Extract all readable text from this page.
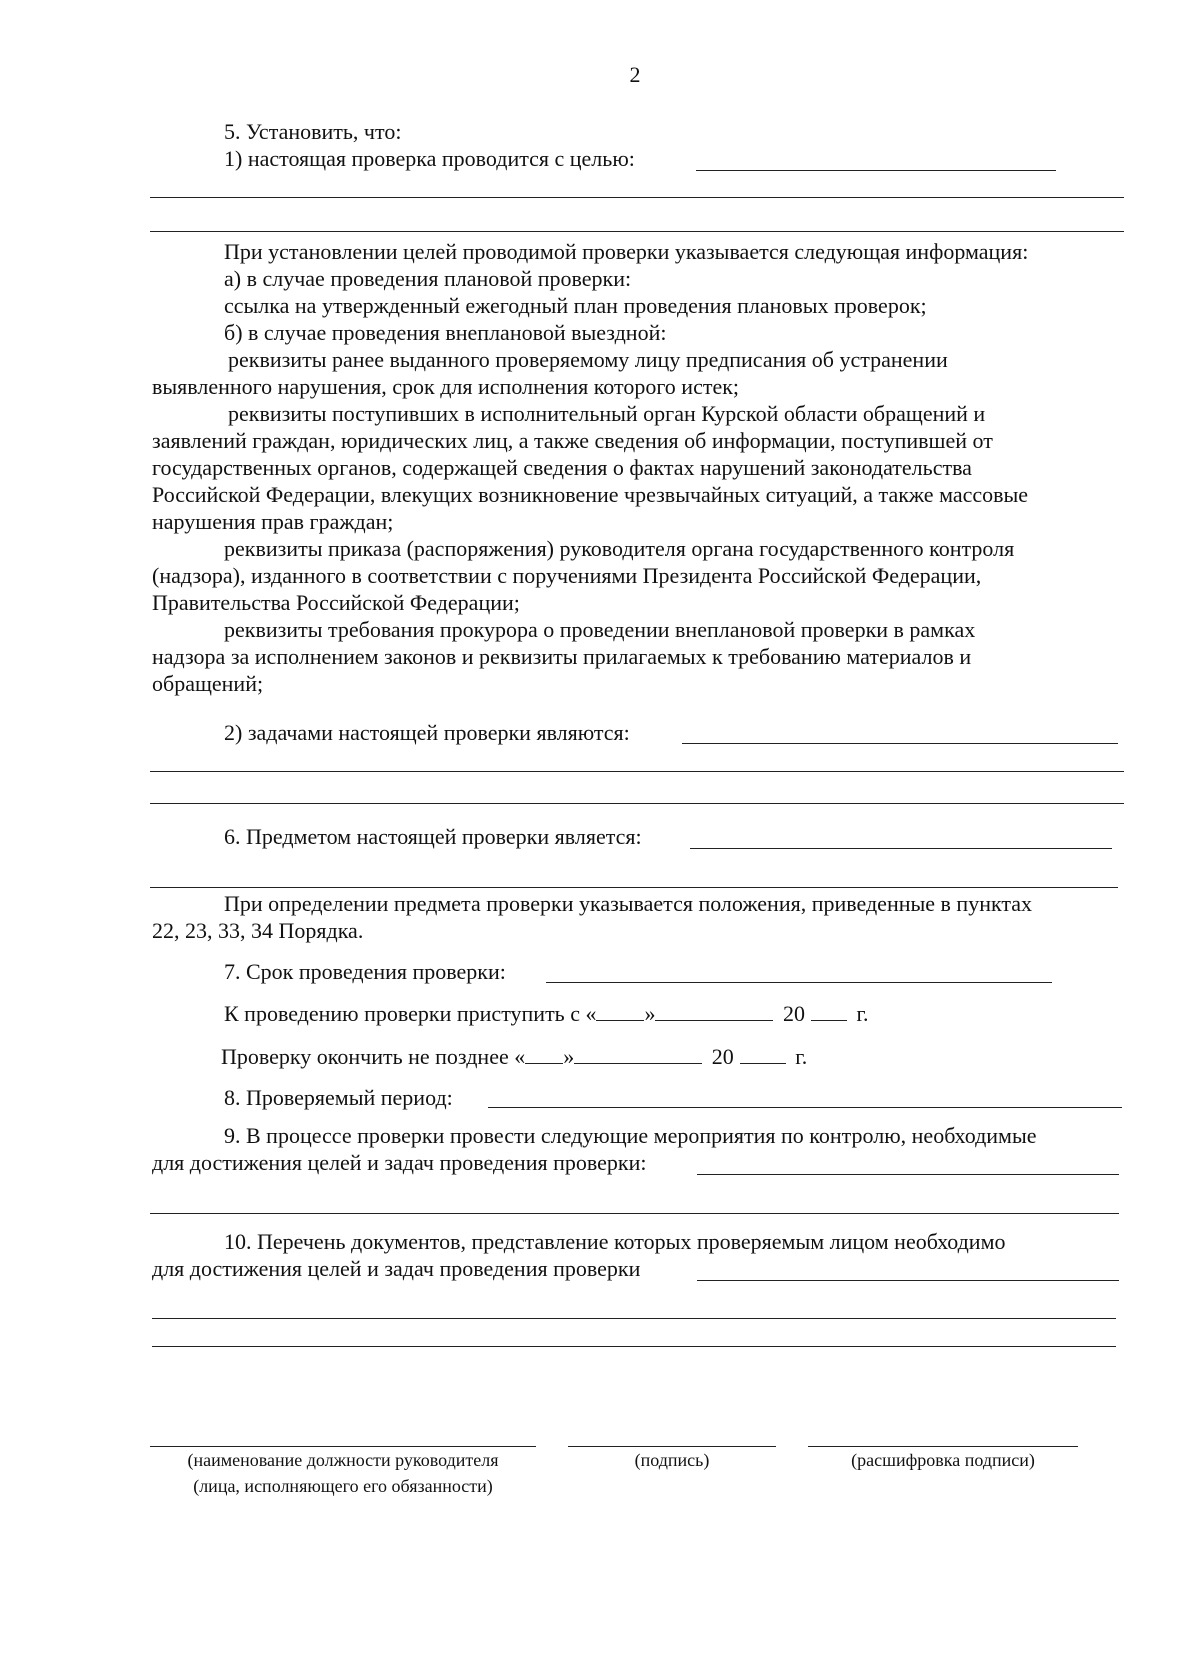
2
5. Установить, что:
1) настоящая проверка проводится с целью:
При установлении целей проводимой проверки указывается следующая информация:
а) в случае проведения плановой проверки:
ссылка на утвержденный ежегодный план проведения плановых проверок;
б) в случае проведения внеплановой выездной:
реквизиты ранее выданного проверяемому лицу предписания об устранении
выявленного нарушения, срок для исполнения которого истек;
реквизиты поступивших в исполнительный орган Курской области обращений и
заявлений граждан, юридических лиц, а также сведения об информации, поступившей от
государственных органов, содержащей сведения о фактах нарушений законодательства
Российской Федерации, влекущих возникновение чрезвычайных ситуаций, а также массовые
нарушения прав граждан;
реквизиты приказа (распоряжения) руководителя органа государственного контроля
(надзора), изданного в соответствии с поручениями Президента Российской Федерации,
Правительства Российской Федерации;
реквизиты требования прокурора о проведении внеплановой проверки в рамках
надзора за исполнением законов и реквизиты прилагаемых к требованию материалов и
обращений;
2) задачами настоящей проверки являются:
6. Предметом настоящей проверки является:
При определении предмета проверки указывается положения, приведенные в пунктах
22, 23, 33, 34 Порядка.
7. Срок проведения проверки:
К проведению проверки приступить с « »	20 г.
Проверку окончить не позднее « »	20	г.
8. Проверяемый период:
9. В процессе проверки провести следующие мероприятия по контролю, необходимые
для достижения целей и задач проведения проверки:
10. Перечень документов, представление которых проверяемым лицом необходимо
для достижения целей и задач проведения проверки
(наименование должности руководителя
(лица, исполняющего его обязанности)
(подпись)	(расшифровка подписи)
